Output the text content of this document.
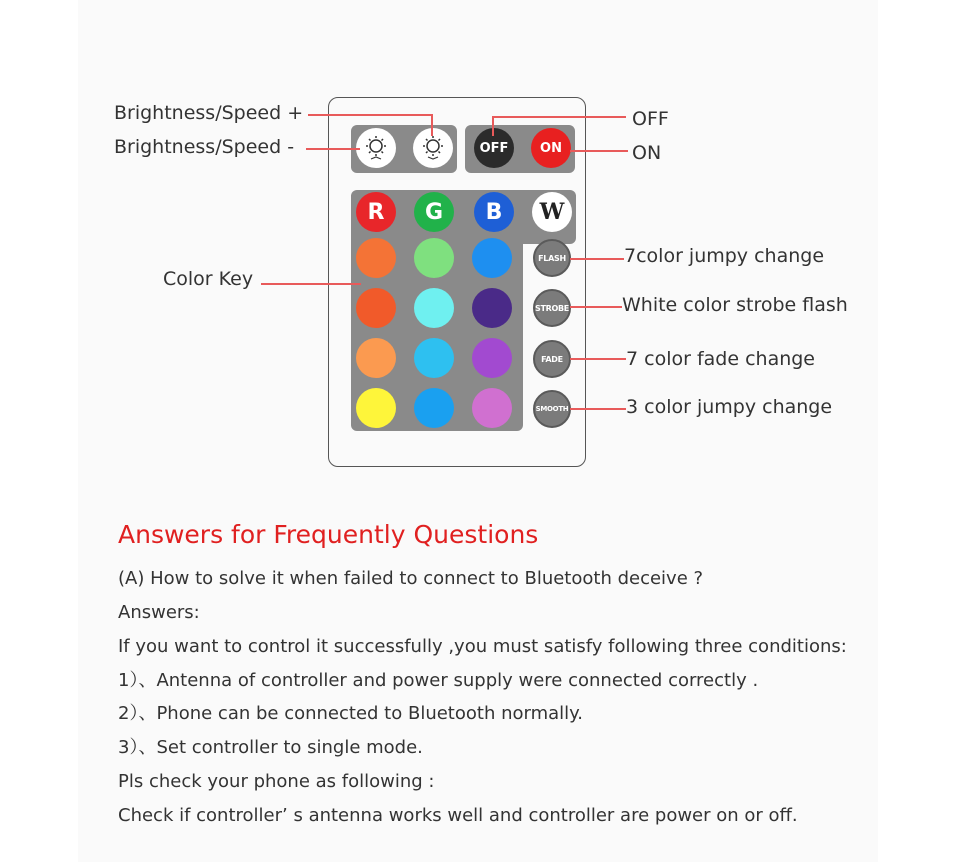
Brightness/Speed +
Brightness/Speed -
Color Key
OFF
ON
7color jumpy change
White color strobe flash
7 color fade change
3 color jumpy change
OFF	ON
R	G	B	W
FLASH
STROBE
FADE
SMOOTH
Answers for Frequently Questions
(A) How to solve it when failed to connect to Bluetooth deceive ?
Answers:
If you want to control it successfully ,you must satisfy following three conditions:
1）、Antenna of controller and power supply were connected correctly .
2）、Phone can be connected to Bluetooth normally.
3）、Set controller to single mode.
Pls check your phone as following :
Check if controller’ s antenna works well and controller are power on or off.
